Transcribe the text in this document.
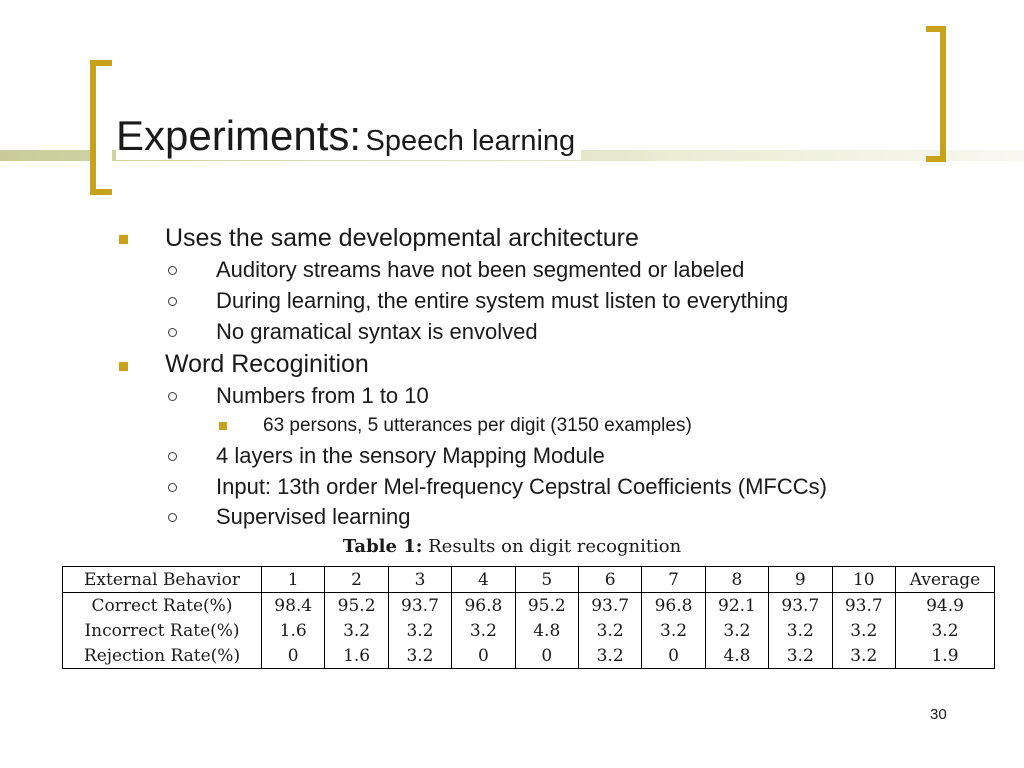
Experiments: Speech learning
Uses the same developmental architecture
Auditory streams have not been segmented or labeled
During learning, the entire system must listen to everything
No gramatical syntax is envolved
Word Recoginition
Numbers from 1 to 10
63 persons, 5 utterances per digit (3150 examples)
4 layers in the sensory Mapping Module
Input: 13th order Mel-frequency Cepstral Coefficients (MFCCs)
Supervised learning
Table 1: Results on digit recognition
External Behavior	1	2	3	4	5	6	7	8	9	10	Average
Correct Rate(%)	98.4	95.2	93.7	96.8	95.2	93.7	96.8	92.1	93.7	93.7	94.9
Incorrect Rate(%)	1.6	3.2	3.2	3.2	4.8	3.2	3.2	3.2	3.2	3.2	3.2
Rejection Rate(%)	0	1.6	3.2	0	0	3.2	0	4.8	3.2	3.2	1.9
30
